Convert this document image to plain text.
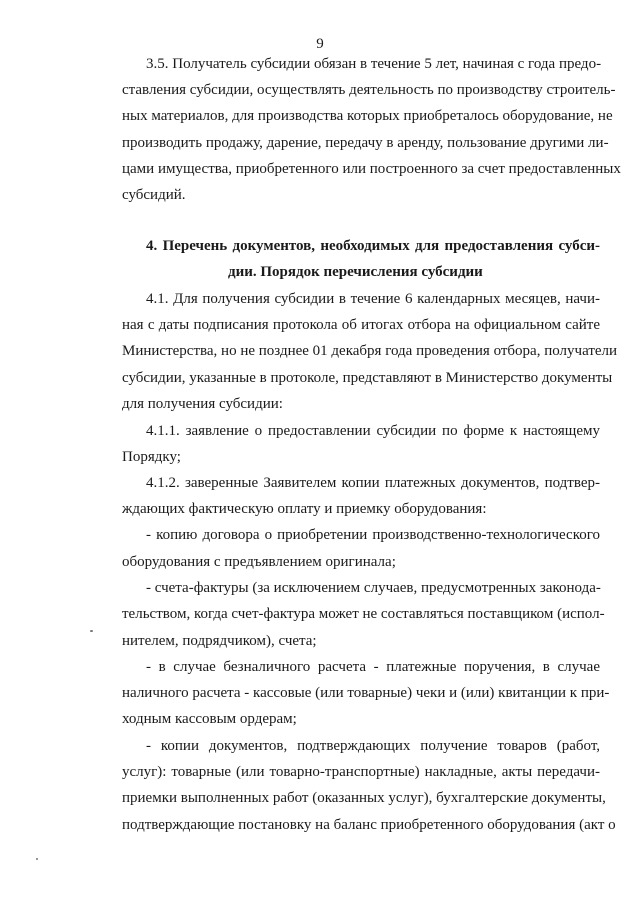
9

3.5. Получатель субсидии обязан в течение 5 лет, начиная с года предо-

ставления субсидии, осуществлять деятельность по производству строитель-

ных материалов, для производства которых приобреталось оборудование, не

производить продажу, дарение, передачу в аренду, пользование другими ли-

цами имущества, приобретенного или построенного за счет предоставленных

субсидий.

4. Перечень документов, необходимых для предоставления субси-

дии. Порядок перечисления субсидии

4.1. Для получения субсидии в течение 6 календарных месяцев, начи-

ная с даты подписания протокола об итогах отбора на официальном сайте

Министерства, но не позднее 01 декабря года проведения отбора, получатели

субсидии, указанные в протоколе, представляют в Министерство документы

для получения субсидии:

4.1.1. заявление о предоставлении субсидии по форме к настоящему

Порядку;

4.1.2. заверенные Заявителем копии платежных документов, подтвер-

ждающих фактическую оплату и приемку оборудования:

- копию договора о приобретении производственно-технологического

оборудования с предъявлением оригинала;

- счета-фактуры (за исключением случаев, предусмотренных законода-

тельством, когда счет-фактура может не составляться поставщиком (испол-

нителем, подрядчиком), счета;

- в случае безналичного расчета - платежные поручения, в случае

наличного расчета - кассовые (или товарные) чеки и (или) квитанции к при-

ходным кассовым ордерам;

- копии документов, подтверждающих получение товаров (работ,

услуг): товарные (или товарно-транспортные) накладные, акты передачи-

приемки выполненных работ (оказанных услуг), бухгалтерские документы,

подтверждающие постановку на баланс приобретенного оборудования (акт о
